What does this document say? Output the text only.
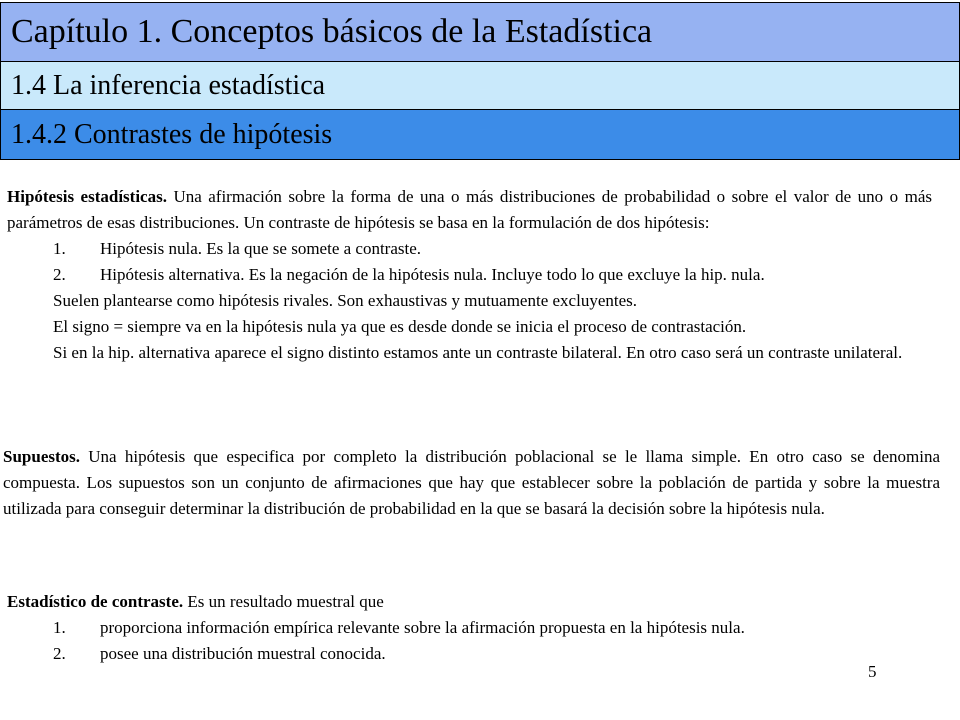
Capítulo 1. Conceptos básicos de la Estadística
1.4 La inferencia estadística
1.4.2 Contrastes de hipótesis

Hipótesis estadísticas. Una afirmación sobre la forma de una o más distribuciones de probabilidad o sobre el valor de uno o más parámetros de esas distribuciones. Un contraste de hipótesis se basa en la formulación de dos hipótesis:

1.	Hipótesis nula. Es la que se somete a contraste.
2.	Hipótesis alternativa. Es la negación de la hipótesis nula. Incluye todo lo que excluye la hip. nula.

Suelen plantearse como hipótesis rivales. Son exhaustivas y mutuamente excluyentes.

El signo = siempre va en la hipótesis nula ya que es desde donde se inicia el proceso de contrastación.

Si en la hip. alternativa aparece el signo distinto estamos ante un contraste bilateral. En otro caso será un contraste unilateral.

Supuestos. Una hipótesis que especifica por completo la distribución poblacional se le llama simple. En otro caso se denomina compuesta. Los supuestos son un conjunto de afirmaciones que hay que establecer sobre la población de partida y sobre la muestra utilizada para conseguir determinar la distribución de probabilidad en la que se basará la decisión sobre la hipótesis nula.

Estadístico de contraste. Es un resultado muestral que

1.	proporciona información empírica relevante sobre la afirmación propuesta en la hipótesis nula.
2.	posee una distribución muestral conocida.
5
